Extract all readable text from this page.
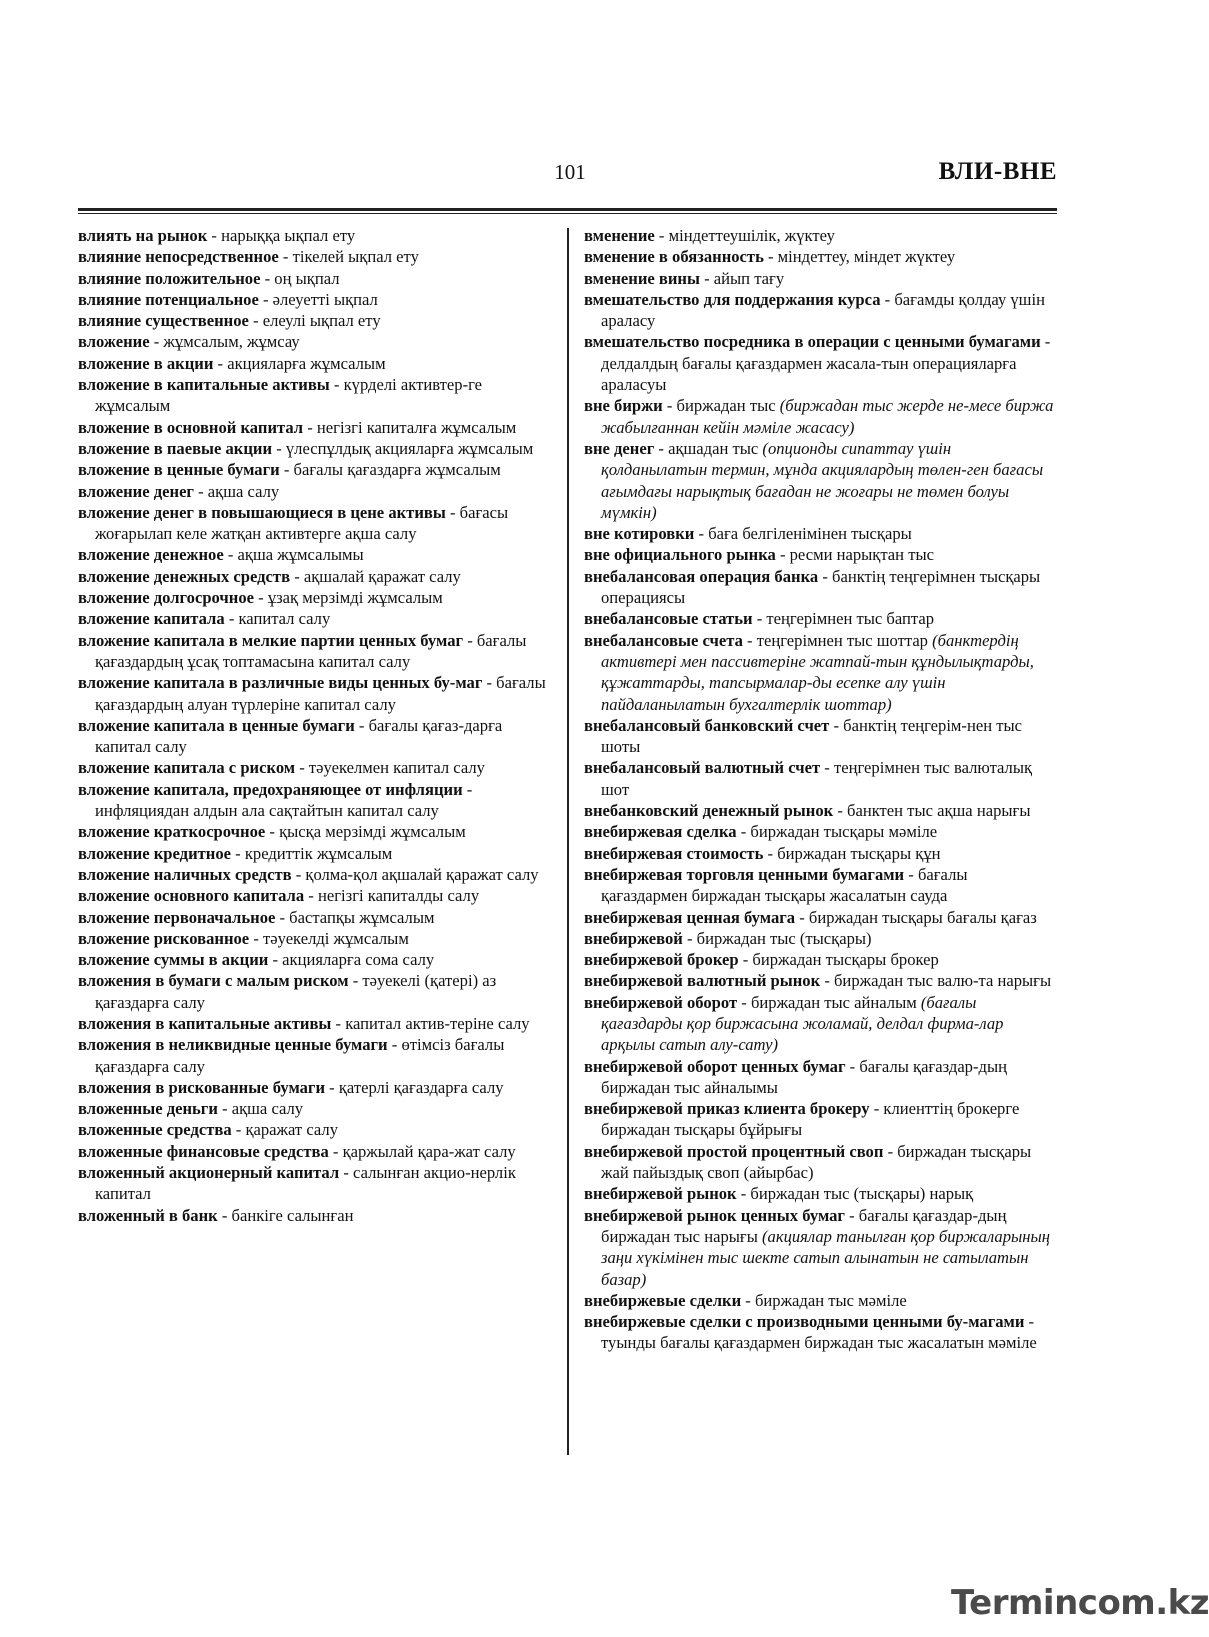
101	ВЛИ-ВНЕ

влиять на рынок - нарыққа ықпал ету

влияние непосредственное - тікелей ықпал ету

влияние положительное - оң ықпал

влияние потенциальное - әлеуетті ықпал

влияние существенное - елеулі ықпал ету

вложение - жұмсалым, жұмсау

вложение в акции - акцияларға жұмсалым

вложение в капитальные активы - күрделі активтер-ге жұмсалым

вложение в основной капитал - негізгі капиталға жұмсалым

вложение в паевые акции - үлеспұлдық акцияларға жұмсалым

вложение в ценные бумаги - бағалы қағаздарға жұмсалым

вложение денег - ақша салу

вложение денег в повышающиеся в цене активы - бағасы жоғарылап келе жатқан активтерге ақша салу

вложение денежное - ақша жұмсалымы

вложение денежных средств - ақшалай қаражат салу

вложение долгосрочное - ұзақ мерзімді жұмсалым

вложение капитала - капитал салу

вложение капитала в мелкие партии ценных бумаг - бағалы қағаздардың ұсақ топтамасына капитал салу

вложение капитала в различные виды ценных бу-маг - бағалы қағаздардың алуан түрлеріне капитал салу

вложение капитала в ценные бумаги - бағалы қағаз-дарға капитал салу

вложение капитала с риском - тәуекелмен капитал салу

вложение капитала, предохраняющее от инфляции - инфляциядан алдын ала сақтайтын капитал салу

вложение краткосрочное - қысқа мерзімді жұмсалым

вложение кредитное - кредиттік жұмсалым

вложение наличных средств - қолма-қол ақшалай қаражат салу

вложение основного капитала - негізгі капиталды салу

вложение первоначальное - бастапқы жұмсалым

вложение рискованное - тәуекелді жұмсалым

вложение суммы в акции - акцияларға сома салу

вложения в бумаги с малым риском - тәуекелі (қатері) аз қағаздарға салу

вложения в капитальные активы - капитал актив-теріне салу

вложения в неликвидные ценные бумаги - өтімсіз бағалы қағаздарға салу

вложения в рискованные бумаги - қатерлі қағаздарға салу

вложенные деньги - ақша салу

вложенные средства - қаражат салу

вложенные финансовые средства - қаржылай қара-жат салу

вложенный акционерный капитал - салынған акцио-нерлік капитал

вложенный в банк - банкіге салынған

вменение - міндеттеушілік, жүктеу

вменение в обязанность - міндеттеу, міндет жүктеу

вменение вины - айып тағу

вмешательство для поддержания курса - бағамды қолдау үшін араласу

вмешательство посредника в операции с ценными бумагами - делдалдың бағалы қағаздармен жасала-тын операцияларға араласуы

вне биржи - биржадан тыс (биржадан тыс жерде не-месе биржа жабылғаннан кейін мәміле жасасу)

вне денег - ақшадан тыс (опционды сипаттау үшін қолданылатын термин, мұнда акциялардың төлен-ген бағасы ағымдағы нарықтық бағадан не жоғары не төмен болуы мүмкін)

вне котировки - баға белгіленімінен тысқары

вне официального рынка - ресми нарықтан тыс

внебалансовая операция банка - банктің теңгерімнен тысқары операциясы

внебалансовые статьи - теңгерімнен тыс баптар

внебалансовые счета - теңгерімнен тыс шоттар (банктердің активтері мен пассивтеріне жатпай-тын құндылықтарды, құжаттарды, тапсырмалар-ды есепке алу үшін пайдаланылатын бухгалтерлік шоттар)

внебалансовый банковский счет - банктің теңгерім-нен тыс шоты

внебалансовый валютный счет - теңгерімнен тыс валюталық шот

внебанковский денежный рынок - банктен тыс ақша нарығы

внебиржевая сделка - биржадан тысқары мәміле

внебиржевая стоимость - биржадан тысқары құн

внебиржевая торговля ценными бумагами - бағалы қағаздармен биржадан тысқары жасалатын сауда

внебиржевая ценная бумага - биржадан тысқары бағалы қағаз

внебиржевой - биржадан тыс (тысқары)

внебиржевой брокер - биржадан тысқары брокер

внебиржевой валютный рынок - биржадан тыс валю-та нарығы

внебиржевой оборот - биржадан тыс айналым (бағалы қағаздарды қор биржасына жоламай, делдал фирма-лар арқылы сатып алу-сату)

внебиржевой оборот ценных бумаг - бағалы қағаздар-дың биржадан тыс айналымы

внебиржевой приказ клиента брокеру - клиенттің брокерге биржадан тысқары бұйрығы

внебиржевой простой процентный своп - биржадан тысқары жай пайыздық своп (айырбас)

внебиржевой рынок - биржадан тыс (тысқары) нарық

внебиржевой рынок ценных бумаг - бағалы қағаздар-дың биржадан тыс нарығы (акциялар танылған қор биржаларының заңи хүкімінен тыс шекте сатып алынатын не сатылатын базар)

внебиржевые сделки - биржадан тыс мәміле

внебиржевые сделки с производными ценными бу-магами - туынды бағалы қағаздармен биржадан тыс жасалатын мәміле

Termincom.kz
